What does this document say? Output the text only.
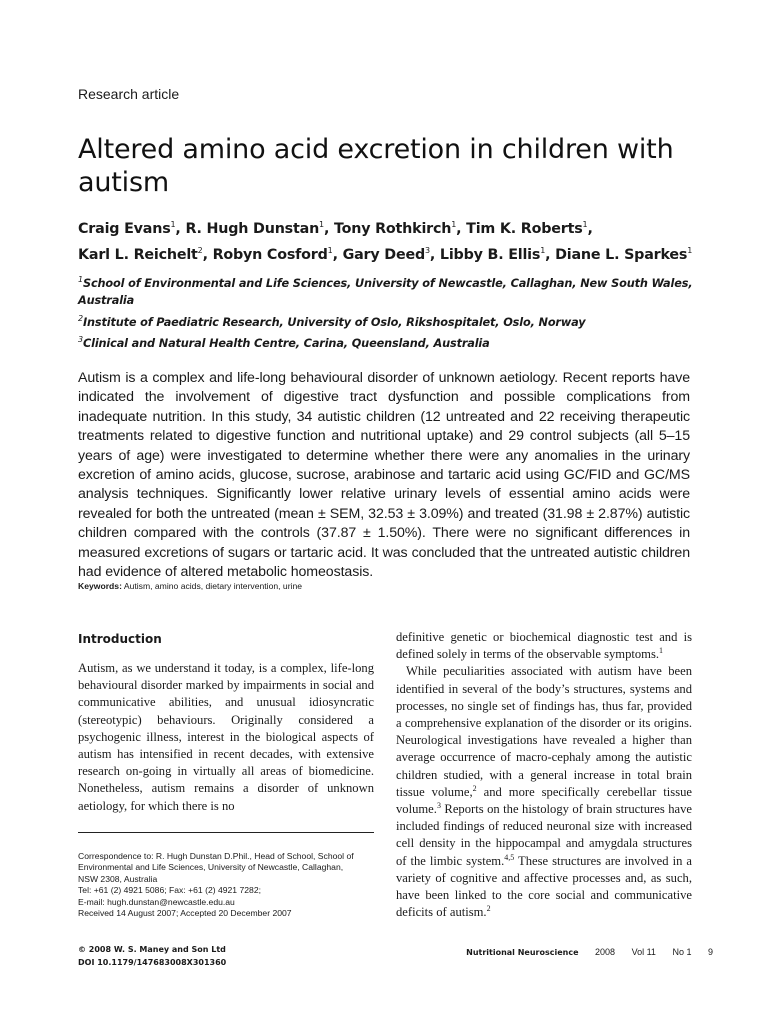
Research article
Altered amino acid excretion in children with autism
Craig Evans$^1$, R. Hugh Dunstan$^1$, Tony Rothkirch$^1$, Tim K. Roberts$^1$,
Karl L. Reichelt$^2$, Robyn Cosford$^1$, Gary Deed$^3$, Libby B. Ellis$^1$, Diane L. Sparkes$^1$
$^1$School of Environmental and Life Sciences, University of Newcastle, Callaghan, New South Wales, Australia
$^2$Institute of Paediatric Research, University of Oslo, Rikshospitalet, Oslo, Norway
$^3$Clinical and Natural Health Centre, Carina, Queensland, Australia

Autism is a complex and life-long behavioural disorder of unknown aetiology. Recent reports have indicated the involvement of digestive tract dysfunction and possible complications from inadequate nutrition. In this study, 34 autistic children (12 untreated and 22 receiving therapeutic treatments related to digestive function and nutritional uptake) and 29 control subjects (all 5–15 years of age) were investigated to determine whether there were any anomalies in the urinary excretion of amino acids, glucose, sucrose, arabinose and tartaric acid using GC/FID and GC/MS analysis techniques. Significantly lower relative urinary levels of essential amino acids were revealed for both the untreated (mean ± SEM, 32.53 ± 3.09%) and treated (31.98 ± 2.87%) autistic children compared with the controls (37.87 ± 1.50%). There were no significant differences in measured excretions of sugars or tartaric acid. It was concluded that the untreated autistic children had evidence of altered metabolic homeostasis.

Keywords: Autism, amino acids, dietary intervention, urine
Introduction

Autism, as we understand it today, is a complex, life-long behavioural disorder marked by impairments in social and communicative abilities, and unusual idiosyncratic (stereotypic) behaviours. Originally considered a psychogenic illness, interest in the biological aspects of autism has intensified in recent decades, with extensive research on-going in virtually all areas of biomedicine. Nonetheless, autism remains a disorder of unknown aetiology, for which there is no

definitive genetic or biochemical diagnostic test and is defined solely in terms of the observable symptoms.$^1$

While peculiarities associated with autism have been identified in several of the body’s structures, systems and processes, no single set of findings has, thus far, provided a comprehensive explanation of the disorder or its origins. Neurological investigations have revealed a higher than average occurrence of macro-cephaly among the autistic children studied, with a general increase in total brain tissue volume,$^2$ and more specifically cerebellar tissue volume.$^3$ Reports on the histology of brain structures have included findings of reduced neuronal size with increased cell density in the hippocampal and amygdala structures of the limbic system.$^{4,5}$ These structures are involved in a variety of cognitive and affective processes and, as such, have been linked to the core social and communicative deficits of autism.$^2$

Correspondence to: R. Hugh Dunstan D.Phil., Head of School, School of
Environmental and Life Sciences, University of Newcastle, Callaghan,
NSW 2308, Australia
Tel: +61 (2) 4921 5086; Fax: +61 (2) 4921 7282;
E-mail: hugh.dunstan@newcastle.edu.au
Received 14 August 2007; Accepted 20 December 2007
© 2008 W. S. Maney and Son Ltd
DOI 10.1179/147683008X301360
Nutritional Neuroscience 2008 Vol 11 No 1 9
